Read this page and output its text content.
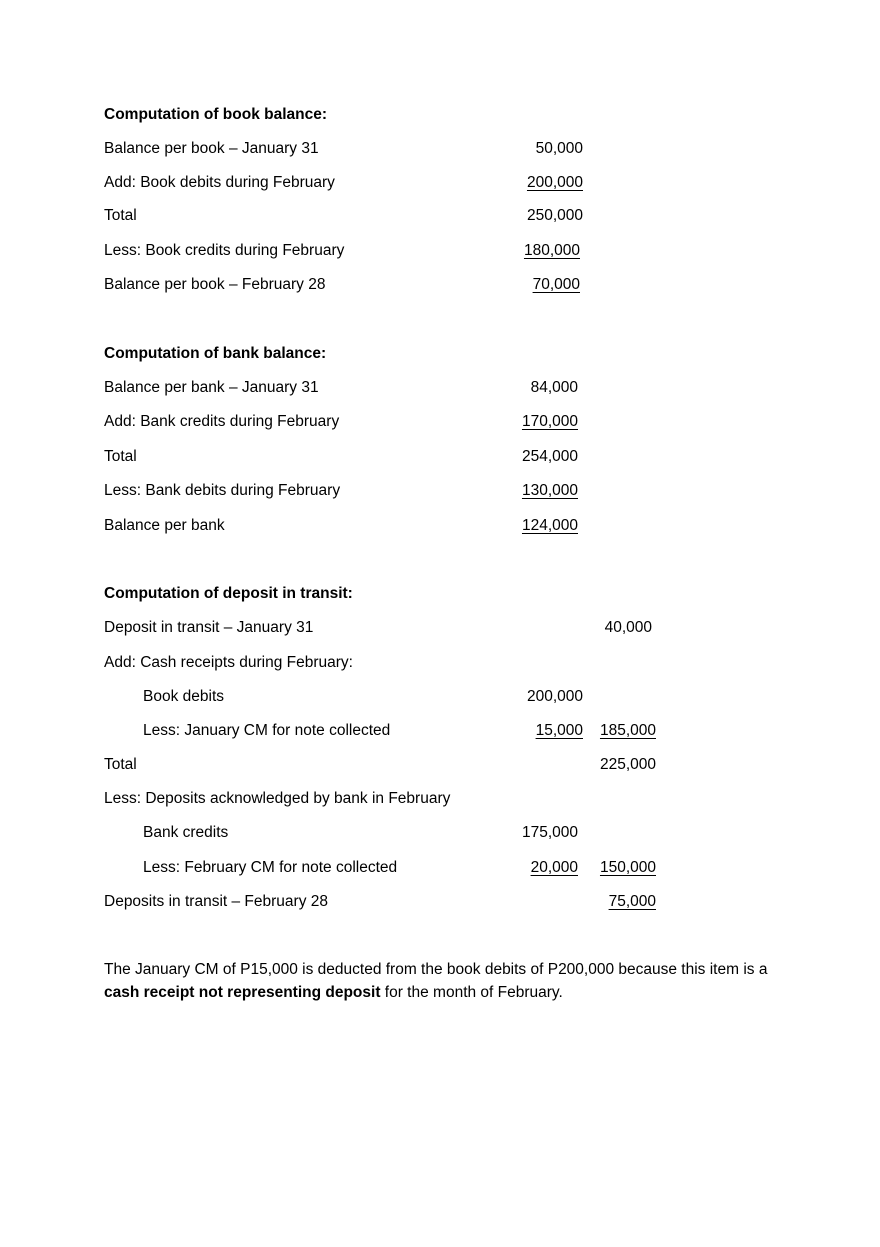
Computation of book balance:
Balance per book – January 31	50,000
Add: Book debits during February	200,000
Total	250,000
Less: Book credits during February	180,000
Balance per book – February 28	70,000
Computation of bank balance:
Balance per bank – January 31	84,000
Add: Bank credits during February	170,000
Total	254,000
Less: Bank debits during February	130,000
Balance per bank	124,000
Computation of deposit in transit:
Deposit in transit – January 31	40,000
Add: Cash receipts during February:
Book debits	200,000
Less: January CM for note collected	15,000 185,000
Total	225,000
Less: Deposits acknowledged by bank in February
Bank credits	175,000
Less: February CM for note collected	20,000 150,000
Deposits in transit – February 28	75,000
The January CM of P15,000 is deducted from the book debits of P200,000 because this item is a cash receipt not representing deposit for the month of February.
